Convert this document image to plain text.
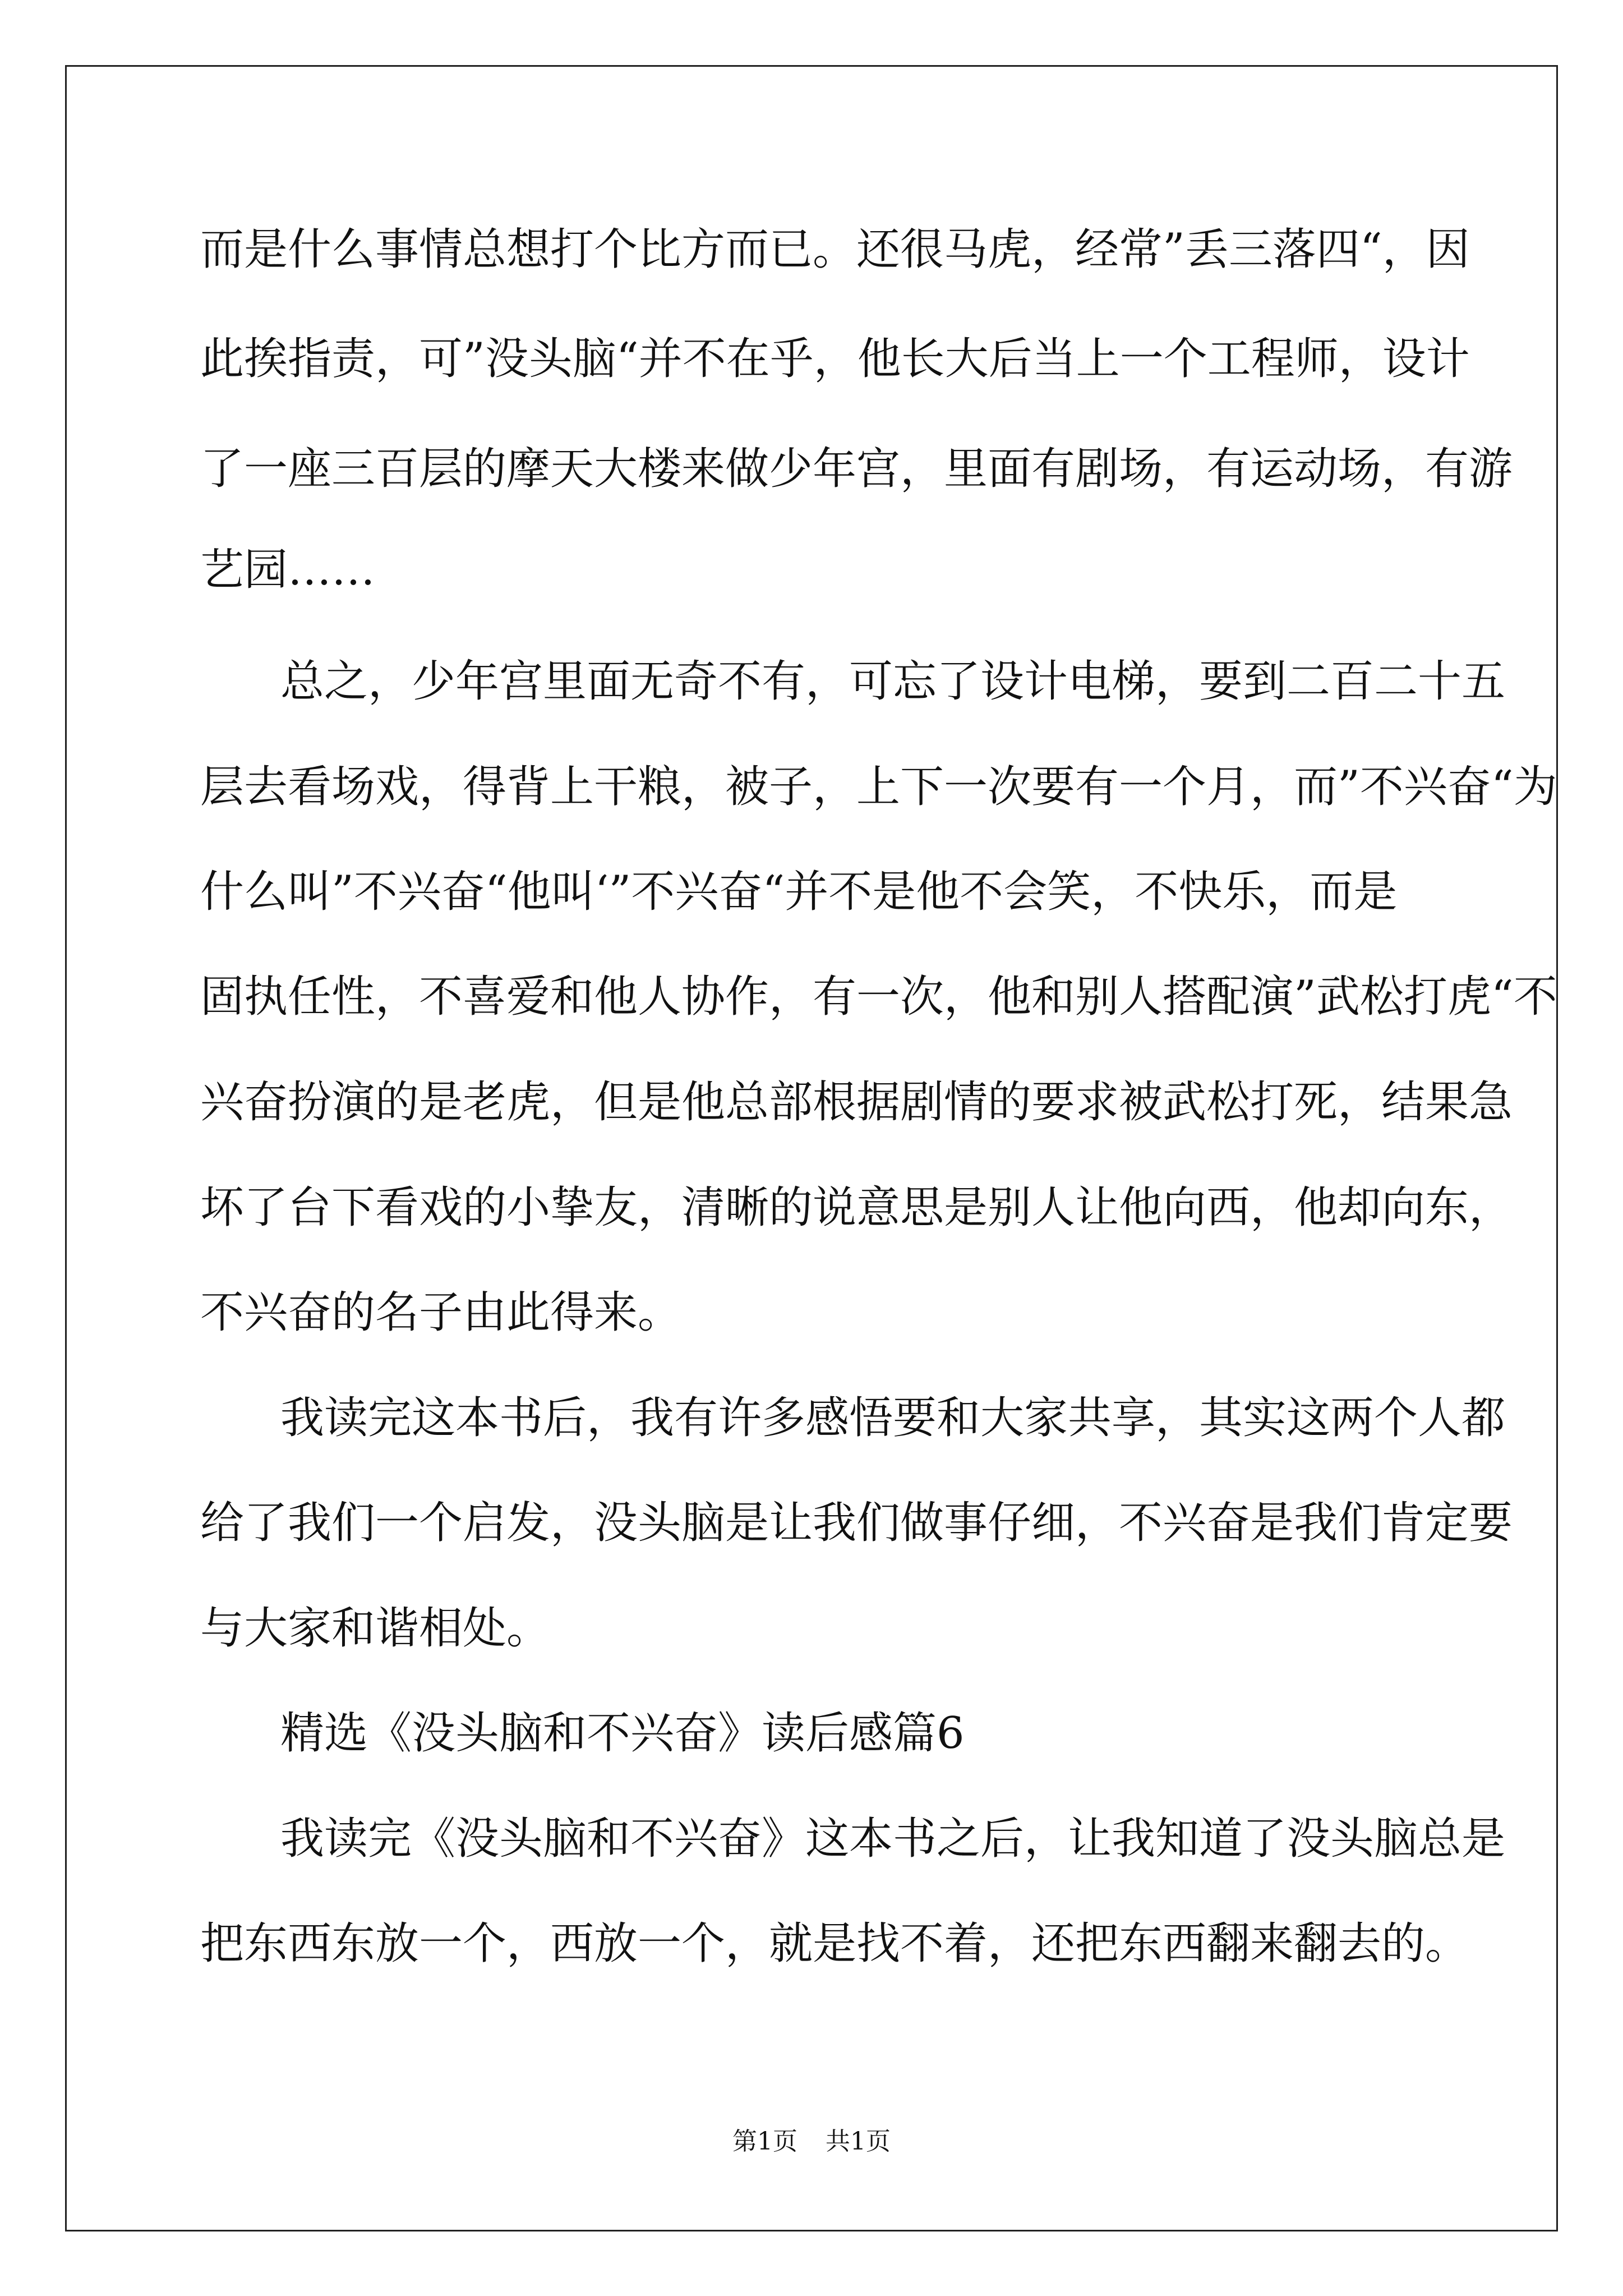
而是什么事情总想打个比方而已。还很马虎，经常”丢三落四“，因
此挨指责，可”没头脑“并不在乎，他长大后当上一个工程师，设计
了一座三百层的摩天大楼来做少年宫，里面有剧场，有运动场，有游
艺园……
总之，少年宫里面无奇不有，可忘了设计电梯，要到二百二十五
层去看场戏，得背上干粮，被子，上下一次要有一个月，而”不兴奋“为
什么叫”不兴奋“他叫‘”不兴奋“并不是他不会笑，不快乐，而是
固执任性，不喜爱和他人协作，有一次，他和别人搭配演”武松打虎“不
兴奋扮演的是老虎，但是他总部根据剧情的要求被武松打死，结果急
坏了台下看戏的小挚友，清晰的说意思是别人让他向西，他却向东，
不兴奋的名子由此得来。
我读完这本书后，我有许多感悟要和大家共享，其实这两个人都
给了我们一个启发，没头脑是让我们做事仔细，不兴奋是我们肯定要
与大家和谐相处。
精选《没头脑和不兴奋》读后感篇6
我读完《没头脑和不兴奋》这本书之后，让我知道了没头脑总是
把东西东放一个，西放一个，就是找不着，还把东西翻来翻去的。
第1页 共1页
